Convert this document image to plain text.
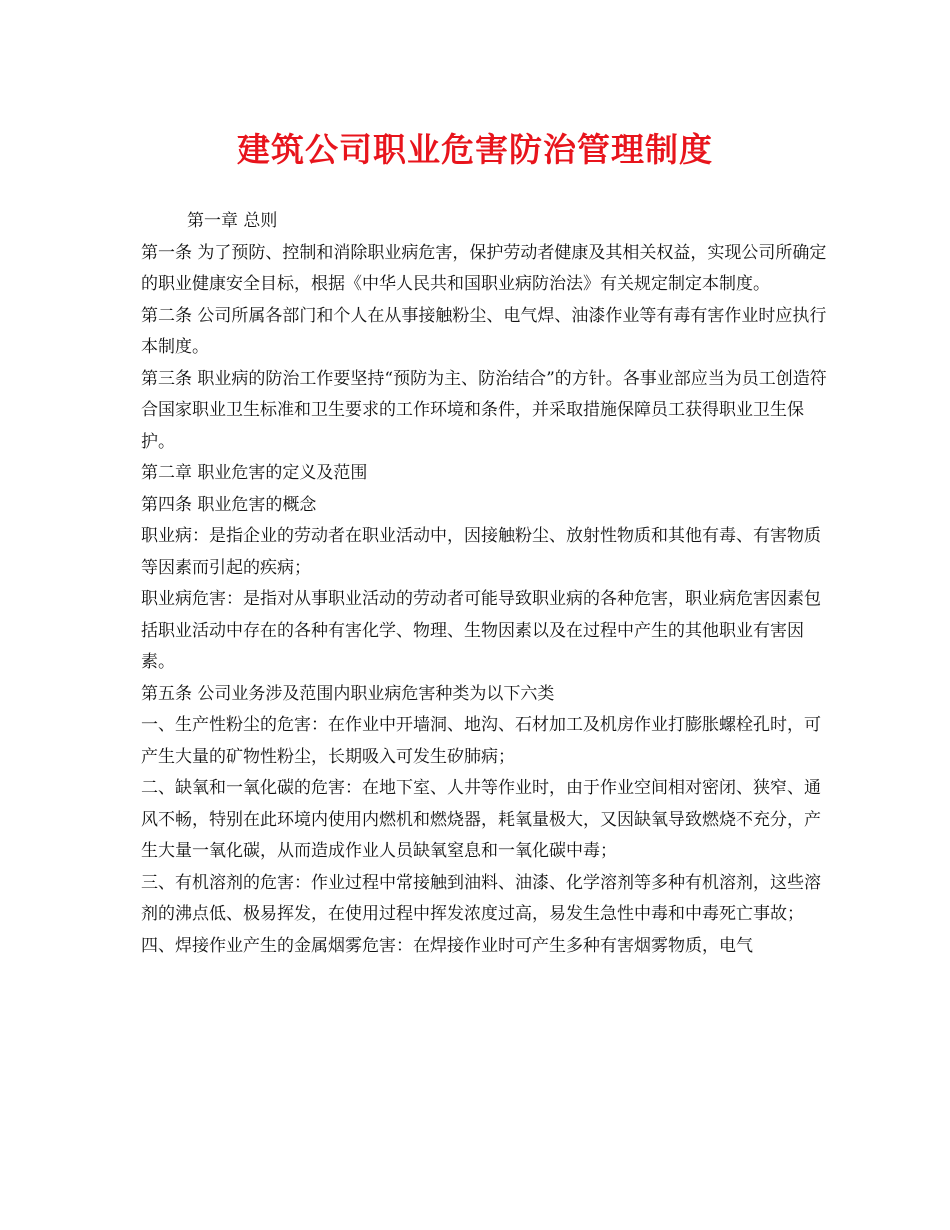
建筑公司职业危害防治管理制度

第一章 总则

第一条 为了预防、控制和消除职业病危害，保护劳动者健康及其相关权益，实现公司所确定的职业健康安全目标，根据《中华人民共和国职业病防治法》有关规定制定本制度。

第二条 公司所属各部门和个人在从事接触粉尘、电气焊、油漆作业等有毒有害作业时应执行本制度。

第三条 职业病的防治工作要坚持“预防为主、防治结合”的方针。各事业部应当为员工创造符合国家职业卫生标准和卫生要求的工作环境和条件，并采取措施保障员工获得职业卫生保护。

第二章 职业危害的定义及范围

第四条 职业危害的概念

职业病：是指企业的劳动者在职业活动中，因接触粉尘、放射性物质和其他有毒、有害物质等因素而引起的疾病；

职业病危害：是指对从事职业活动的劳动者可能导致职业病的各种危害，职业病危害因素包括职业活动中存在的各种有害化学、物理、生物因素以及在过程中产生的其他职业有害因素。

第五条 公司业务涉及范围内职业病危害种类为以下六类

一、生产性粉尘的危害：在作业中开墙洞、地沟、石材加工及机房作业打膨胀螺栓孔时，可产生大量的矿物性粉尘，长期吸入可发生矽肺病；

二、缺氧和一氧化碳的危害：在地下室、人井等作业时，由于作业空间相对密闭、狭窄、通风不畅，特别在此环境内使用内燃机和燃烧器，耗氧量极大，又因缺氧导致燃烧不充分，产生大量一氧化碳，从而造成作业人员缺氧窒息和一氧化碳中毒；

三、有机溶剂的危害：作业过程中常接触到油料、油漆、化学溶剂等多种有机溶剂，这些溶剂的沸点低、极易挥发，在使用过程中挥发浓度过高，易发生急性中毒和中毒死亡事故；

四、焊接作业产生的金属烟雾危害：在焊接作业时可产生多种有害烟雾物质，电气
